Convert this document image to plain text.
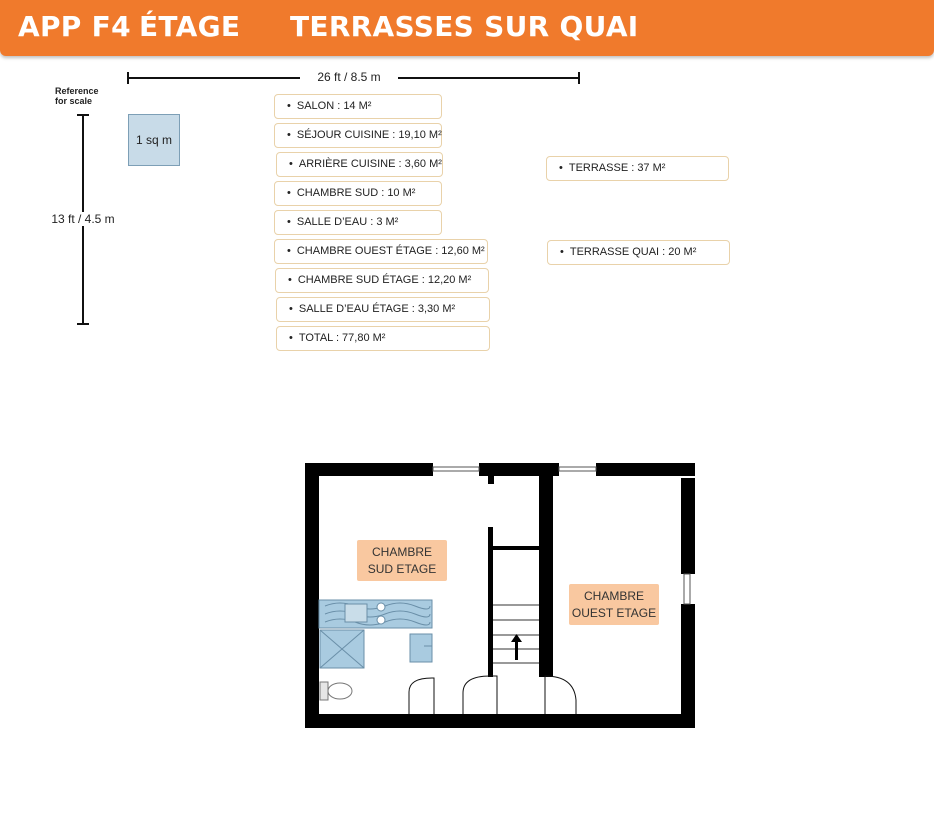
APP F4 ÉTAGE TERRASSES SUR QUAI
26 ft / 8.5 m
Reference for scale
13 ft / 4.5 m
1 sq m
• SALON : 14 M²
• SÉJOUR CUISINE : 19,10 M²
• ARRIÈRE CUISINE : 3,60 M²
• CHAMBRE SUD : 10 M²
• SALLE D’EAU : 3 M²
• CHAMBRE OUEST ÉTAGE : 12,60 M²
• CHAMBRE SUD ÉTAGE : 12,20 M²
• SALLE D’EAU ÉTAGE : 3,30 M²
• TOTAL : 77,80 M²
• TERRASSE : 37 M²
• TERRASSE QUAI : 20 M²
CHAMBRE
SUD ETAGE
CHAMBRE
OUEST ETAGE
